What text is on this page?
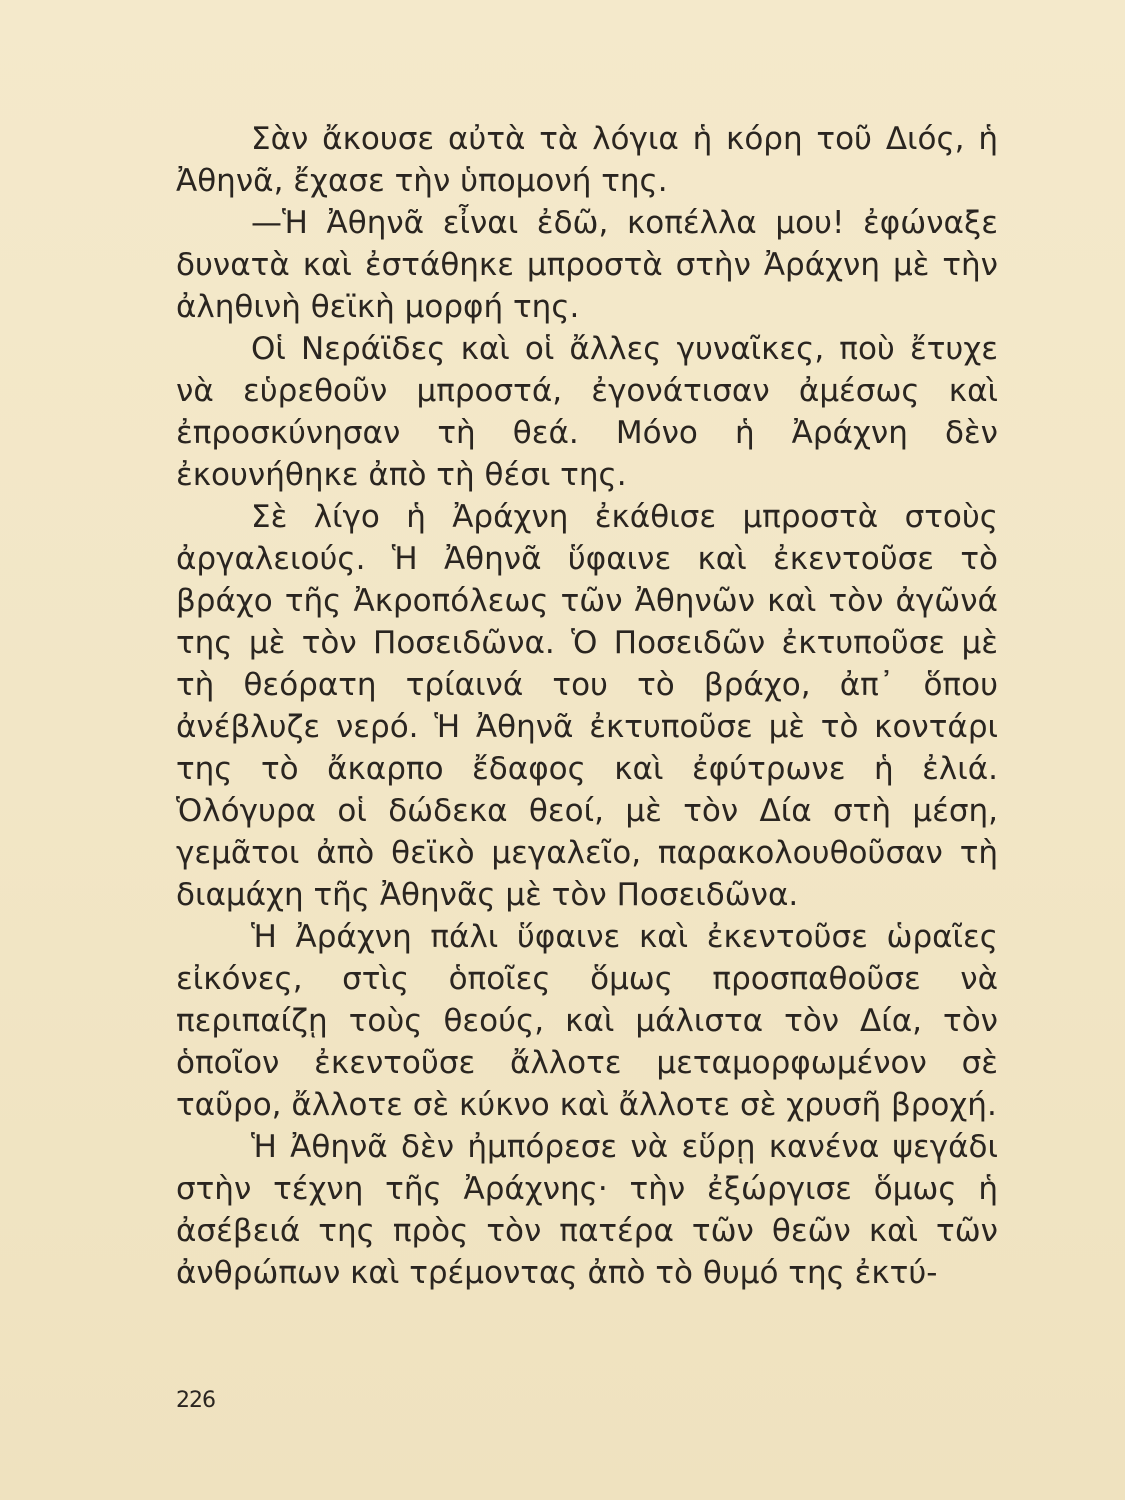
Σὰν ἄκουσε αὐτὰ τὰ λόγια ἡ κόρη τοῦ Διός, ἡ Ἀθηνᾶ, ἔχασε τὴν ὑπομονή της.

—Ἡ Ἀθηνᾶ εἶναι ἐδῶ, κοπέλλα μου! ἐφώναξε δυνατὰ καὶ ἐστάθηκε μπροστὰ στὴν Ἀράχνη μὲ τὴν ἀληθινὴ θεϊκὴ μορφή της.

Οἱ Νεράϊδες καὶ οἱ ἄλλες γυναῖκες, ποὺ ἔτυχε νὰ εὑρεθοῦν μπροστά, ἐγονάτισαν ἀμέσως καὶ ἐπροσκύνησαν τὴ θεά. Μόνο ἡ Ἀράχνη δὲν ἐκουνήθηκε ἀπὸ τὴ θέσι της.

Σὲ λίγο ἡ Ἀράχνη ἐκάθισε μπροστὰ στοὺς ἀργαλειούς. Ἡ Ἀθηνᾶ ὕφαινε καὶ ἐκεντοῦσε τὸ βράχο τῆς Ἀκροπόλεως τῶν Ἀθηνῶν καὶ τὸν ἀγῶνά της μὲ τὸν Ποσειδῶνα. Ὁ Ποσειδῶν ἐκτυποῦσε μὲ τὴ θεόρατη τρίαινά του τὸ βράχο, ἀπ᾿ ὅπου ἀνέβλυζε νερό. Ἡ Ἀθηνᾶ ἐκτυποῦσε μὲ τὸ κοντάρι της τὸ ἄκαρπο ἔδαφος καὶ ἐφύτρωνε ἡ ἐλιά. Ὁλόγυρα οἱ δώδεκα θεοί, μὲ τὸν Δία στὴ μέση, γεμᾶτοι ἀπὸ θεϊκὸ μεγαλεῖο, παρακολουθοῦσαν τὴ διαμάχη τῆς Ἀθηνᾶς μὲ τὸν Ποσειδῶνα.

Ἡ Ἀράχνη πάλι ὕφαινε καὶ ἐκεντοῦσε ὡραῖες εἰκόνες, στὶς ὁποῖες ὅμως προσπαθοῦσε νὰ περιπαίζῃ τοὺς θεούς, καὶ μάλιστα τὸν Δία, τὸν ὁποῖον ἐκεντοῦσε ἄλλοτε μεταμορφωμένον σὲ ταῦρο, ἄλλοτε σὲ κύκνο καὶ ἄλλοτε σὲ χρυσῆ βροχή.

Ἡ Ἀθηνᾶ δὲν ἠμπόρεσε νὰ εὕρῃ κανένα ψεγάδι στὴν τέχνη τῆς Ἀράχνης· τὴν ἐξώργισε ὅμως ἡ ἀσέβειά της πρὸς τὸν πατέρα τῶν θεῶν καὶ τῶν ἀνθρώπων καὶ τρέμοντας ἀπὸ τὸ θυμό της ἐκτύ-

226
